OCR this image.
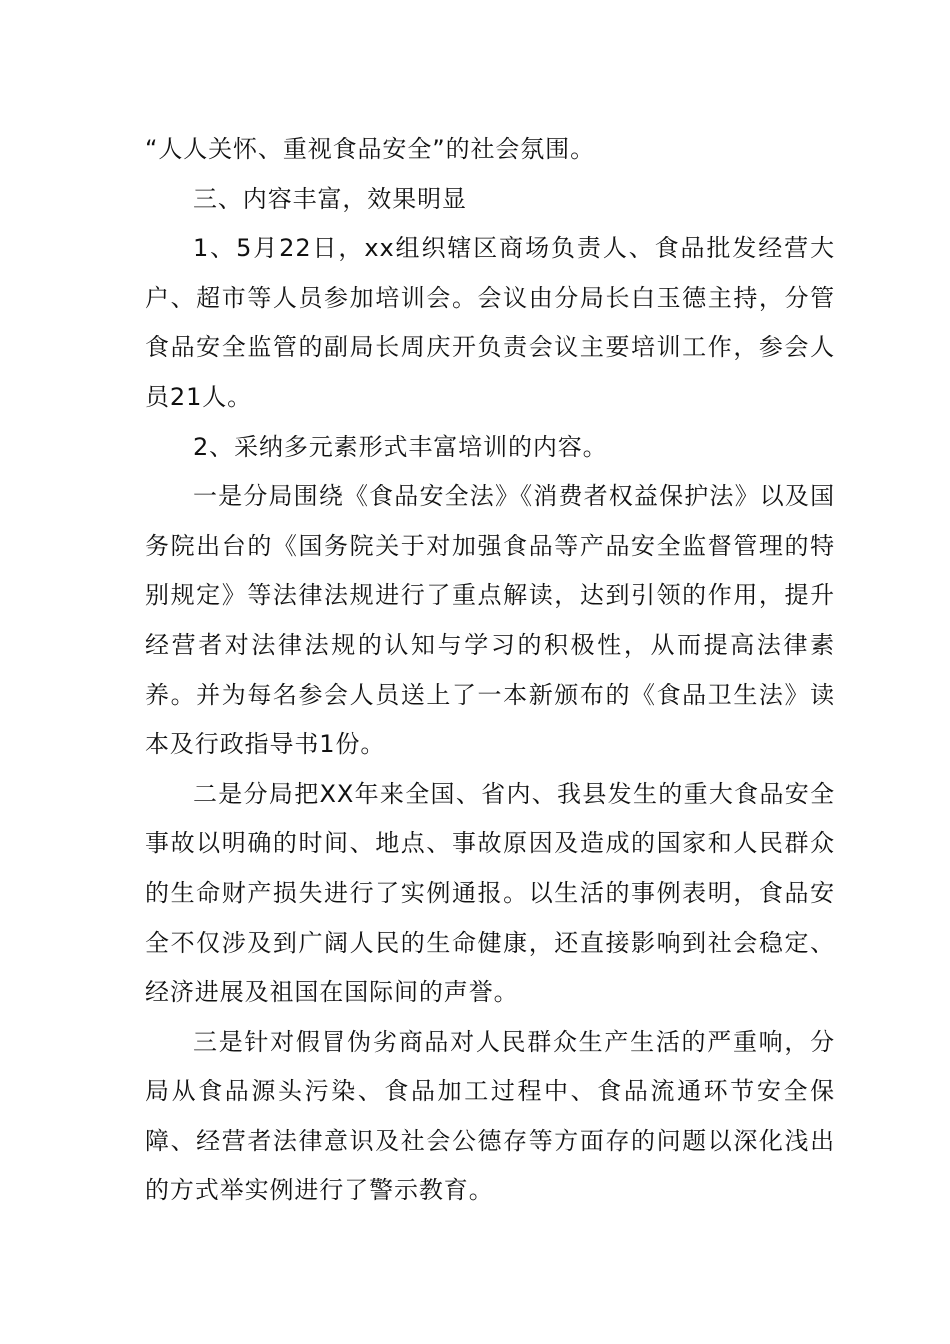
“人人关怀、重视食品安全”的社会氛围。

三、内容丰富，效果明显

1、5月22日，xx组织辖区商场负责人、食品批发经营大户、超市等人员参加培训会。会议由分局长白玉德主持，分管食品安全监管的副局长周庆开负责会议主要培训工作，参会人员21人。

2、采纳多元素形式丰富培训的内容。

一是分局围绕《食品安全法》《消费者权益保护法》以及国务院出台的《国务院关于对加强食品等产品安全监督管理的特别规定》等法律法规进行了重点解读，达到引领的作用，提升经营者对法律法规的认知与学习的积极性，从而提高法律素养。并为每名参会人员送上了一本新颁布的《食品卫生法》读本及行政指导书1份。

二是分局把XX年来全国、省内、我县发生的重大食品安全事故以明确的时间、地点、事故原因及造成的国家和人民群众的生命财产损失进行了实例通报。以生活的事例表明，食品安全不仅涉及到广阔人民的生命健康，还直接影响到社会稳定、经济进展及祖国在国际间的声誉。

三是针对假冒伪劣商品对人民群众生产生活的严重响，分局从食品源头污染、食品加工过程中、食品流通环节安全保障、经营者法律意识及社会公德存等方面存的问题以深化浅出的方式举实例进行了警示教育。
